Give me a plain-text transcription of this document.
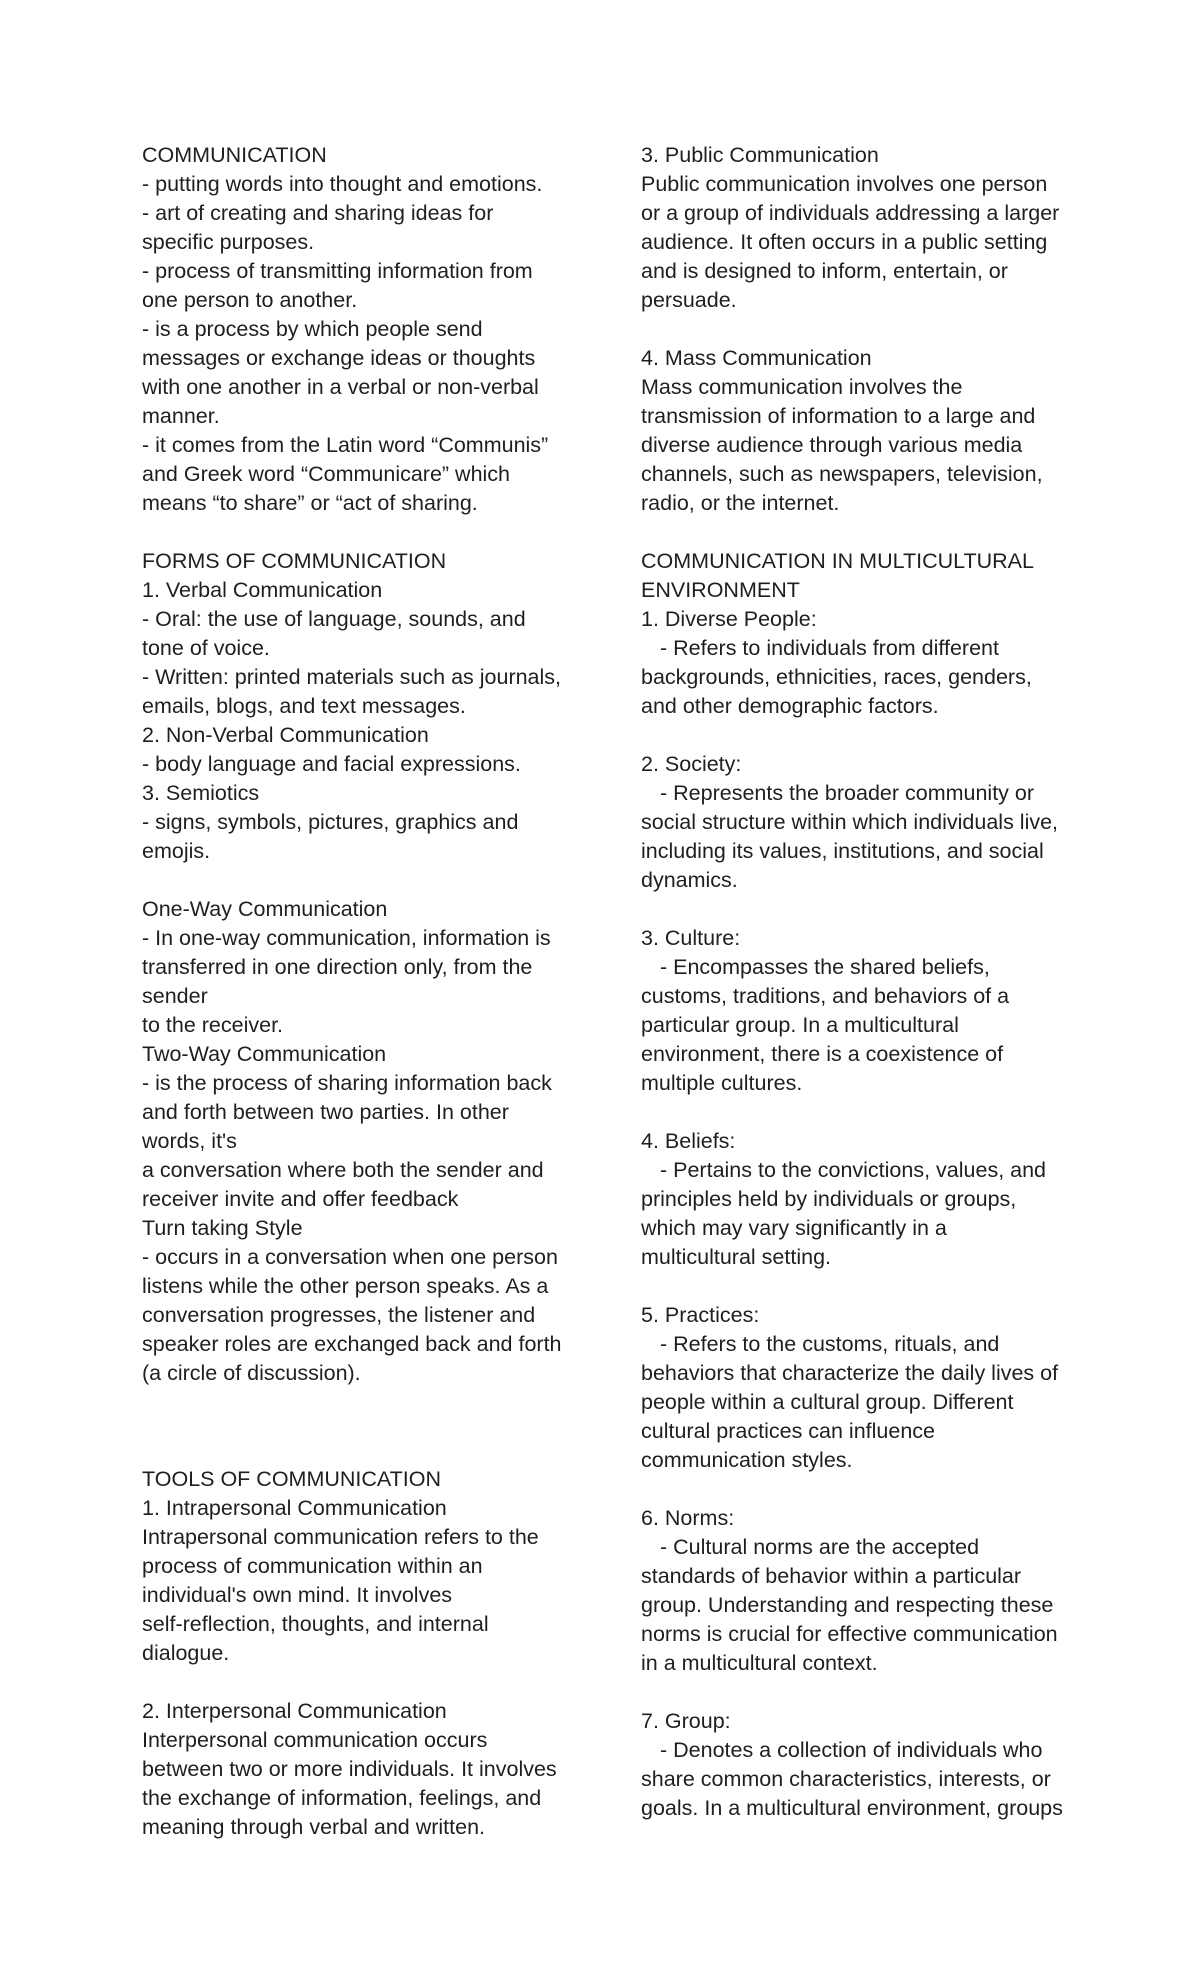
COMMUNICATION
- putting words into thought and emotions.
- art of creating and sharing ideas for
specific purposes.
- process of transmitting information from
one person to another.
- is a process by which people send
messages or exchange ideas or thoughts
with one another in a verbal or non-verbal
manner.
- it comes from the Latin word “Communis”
and Greek word “Communicare” which
means “to share” or “act of sharing.
FORMS OF COMMUNICATION
1. Verbal Communication
- Oral: the use of language, sounds, and
tone of voice.
- Written: printed materials such as journals,
emails, blogs, and text messages.
2. Non-Verbal Communication
- body language and facial expressions.
3. Semiotics
- signs, symbols, pictures, graphics and
emojis.
One-Way Communication
- In one-way communication, information is
transferred in one direction only, from the
sender
to the receiver.
Two-Way Communication
- is the process of sharing information back
and forth between two parties. In other
words, it's
a conversation where both the sender and
receiver invite and offer feedback
Turn taking Style
- occurs in a conversation when one person
listens while the other person speaks. As a
conversation progresses, the listener and
speaker roles are exchanged back and forth
(a circle of discussion).
TOOLS OF COMMUNICATION
1. Intrapersonal Communication
Intrapersonal communication refers to the
process of communication within an
individual's own mind. It involves
self-reflection, thoughts, and internal
dialogue.
2. Interpersonal Communication
Interpersonal communication occurs
between two or more individuals. It involves
the exchange of information, feelings, and
meaning through verbal and written.
3. Public Communication
Public communication involves one person
or a group of individuals addressing a larger
audience. It often occurs in a public setting
and is designed to inform, entertain, or
persuade.
4. Mass Communication
Mass communication involves the
transmission of information to a large and
diverse audience through various media
channels, such as newspapers, television,
radio, or the internet.
COMMUNICATION IN MULTICULTURAL
ENVIRONMENT
1. Diverse People:
- Refers to individuals from different
backgrounds, ethnicities, races, genders,
and other demographic factors.
2. Society:
- Represents the broader community or
social structure within which individuals live,
including its values, institutions, and social
dynamics.
3. Culture:
- Encompasses the shared beliefs,
customs, traditions, and behaviors of a
particular group. In a multicultural
environment, there is a coexistence of
multiple cultures.
4. Beliefs:
- Pertains to the convictions, values, and
principles held by individuals or groups,
which may vary significantly in a
multicultural setting.
5. Practices:
- Refers to the customs, rituals, and
behaviors that characterize the daily lives of
people within a cultural group. Different
cultural practices can influence
communication styles.
6. Norms:
- Cultural norms are the accepted
standards of behavior within a particular
group. Understanding and respecting these
norms is crucial for effective communication
in a multicultural context.
7. Group:
- Denotes a collection of individuals who
share common characteristics, interests, or
goals. In a multicultural environment, groups
